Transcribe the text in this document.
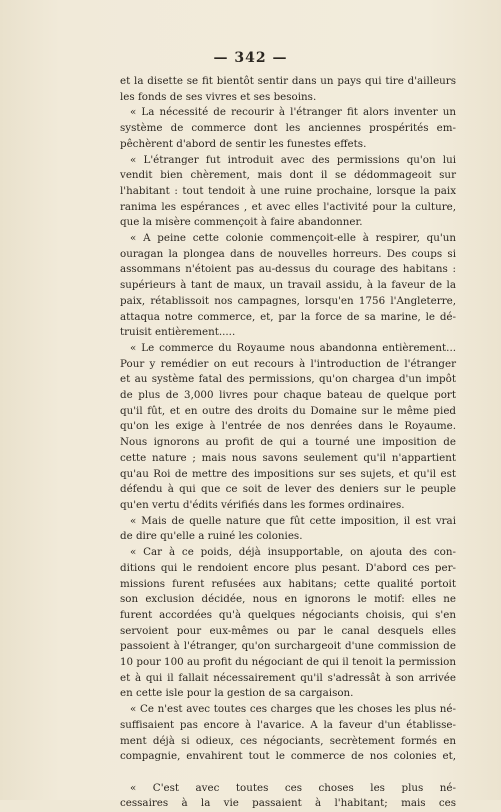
— 342 —

et la disette se fit bientôt sentir dans un pays qui tire d'ailleurs

les fonds de ses vivres et ses besoins.

« La nécessité de recourir à l'étranger fit alors inventer un

système de commerce dont les anciennes prospérités em-

pêchèrent d'abord de sentir les funestes effets.

« L'étranger fut introduit avec des permissions qu'on lui

vendit bien chèrement, mais dont il se dédommageoit sur

l'habitant : tout tendoit à une ruine prochaine, lorsque la paix

ranima les espérances , et avec elles l'activité pour la culture,

que la misère commençoit à faire abandonner.

« A peine cette colonie commençoit-elle à respirer, qu'un

ouragan la plongea dans de nouvelles horreurs. Des coups si

assommans n'étoient pas au-dessus du courage des habitans :

supérieurs à tant de maux, un travail assidu, à la faveur de la

paix, rétablissoit nos campagnes, lorsqu'en 1756 l'Angleterre,

attaqua notre commerce, et, par la force de sa marine, le dé-

truisit entièrement.....

« Le commerce du Royaume nous abandonna entièrement...

Pour y remédier on eut recours à l'introduction de l'étranger

et au système fatal des permissions, qu'on chargea d'un impôt

de plus de 3,000 livres pour chaque bateau de quelque port

qu'il fût, et en outre des droits du Domaine sur le même pied

qu'on les exige à l'entrée de nos denrées dans le Royaume.

Nous ignorons au profit de qui a tourné une imposition de

cette nature ; mais nous savons seulement qu'il n'appartient

qu'au Roi de mettre des impositions sur ses sujets, et qu'il est

défendu à qui que ce soit de lever des deniers sur le peuple

qu'en vertu d'édits vérifiés dans les formes ordinaires.

« Mais de quelle nature que fût cette imposition, il est vrai

de dire qu'elle a ruiné les colonies.

« Car à ce poids, déjà insupportable, on ajouta des con-

ditions qui le rendoient encore plus pesant. D'abord ces per-

missions furent refusées aux habitans; cette qualité portoit

son exclusion décidée, nous en ignorons le motif: elles ne

furent accordées qu'à quelques négociants choisis, qui s'en

servoient pour eux-mêmes ou par le canal desquels elles

passoient à l'étranger, qu'on surchargeoit d'une commission de

10 pour 100 au profit du négociant de qui il tenoit la permission

et à qui il fallait nécessairement qu'il s'adressât à son arrivée

en cette isle pour la gestion de sa cargaison.

« Ce n'est avec toutes ces charges que les choses les plus né-

suffisaient pas encore à l'avarice. A la faveur d'un établisse-

ment déjà si odieux, ces négociants, secrètement formés en

compagnie, envahirent tout le commerce de nos colonies et,

« C'est avec toutes ces choses les plus né-

cessaires à la vie passaient à l'habitant; mais ces
